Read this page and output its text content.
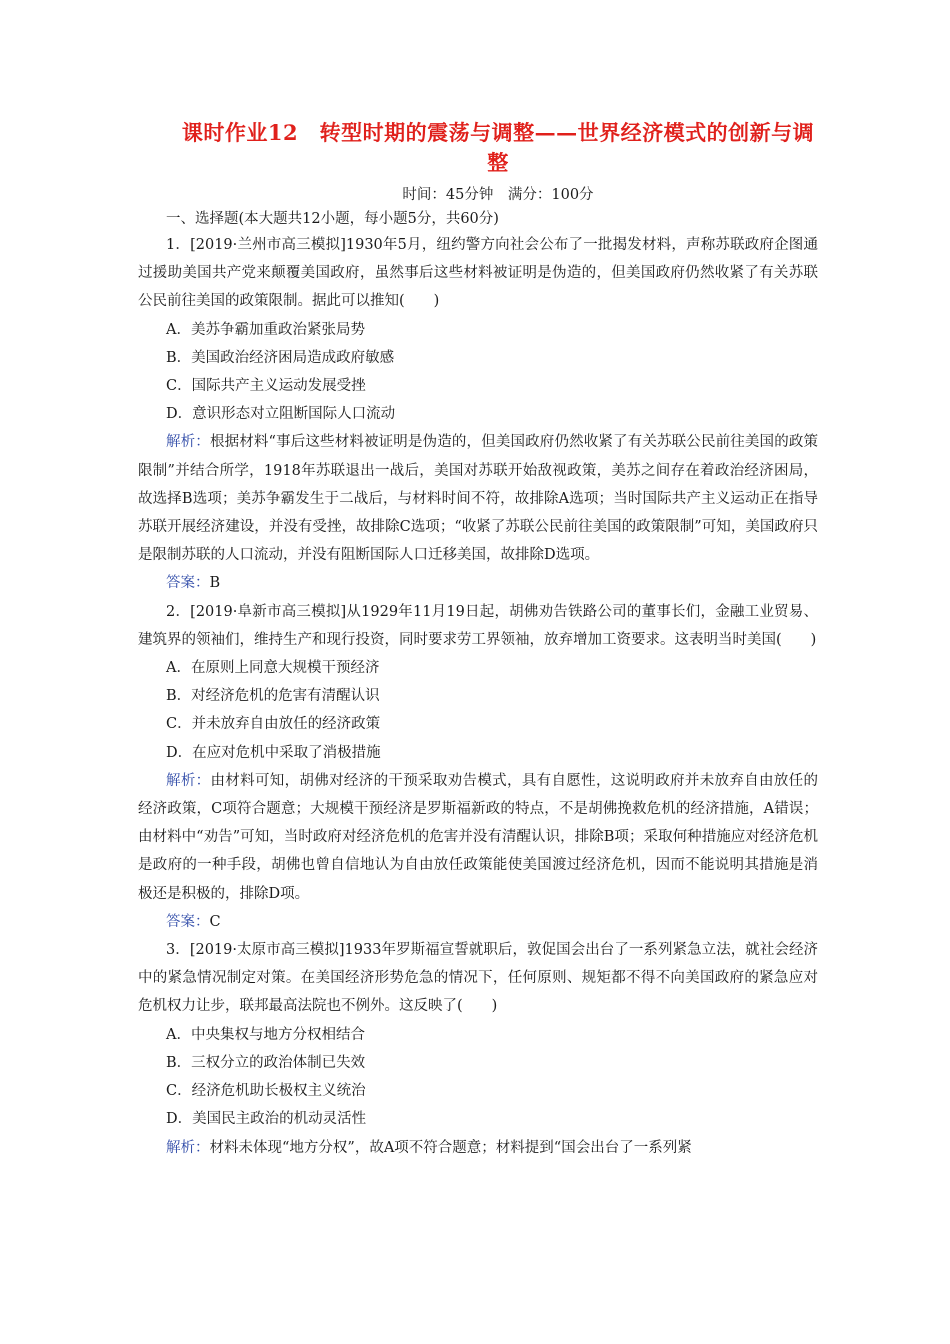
课时作业12　转型时期的震荡与调整——世界经济模式的创新与调整
时间：45分钟　满分：100分
一、选择题(本大题共12小题，每小题5分，共60分)

1．[2019·兰州市高三模拟]1930年5月，纽约警方向社会公布了一批揭发材料，声称苏联政府企图通过援助美国共产党来颠覆美国政府，虽然事后这些材料被证明是伪造的，但美国政府仍然收紧了有关苏联公民前往美国的政策限制。据此可以推知(　　)

A．美苏争霸加重政治紧张局势

B．美国政治经济困局造成政府敏感

C．国际共产主义运动发展受挫

D．意识形态对立阻断国际人口流动

解析：根据材料“事后这些材料被证明是伪造的，但美国政府仍然收紧了有关苏联公民前往美国的政策限制”并结合所学，1918年苏联退出一战后，美国对苏联开始敌视政策，美苏之间存在着政治经济困局，故选择B选项；美苏争霸发生于二战后，与材料时间不符，故排除A选项；当时国际共产主义运动正在指导苏联开展经济建设，并没有受挫，故排除C选项；“收紧了苏联公民前往美国的政策限制”可知，美国政府只是限制苏联的人口流动，并没有阻断国际人口迁移美国，故排除D选项。

答案：B

2．[2019·阜新市高三模拟]从1929年11月19日起，胡佛劝告铁路公司的董事长们，金融工业贸易、建筑界的领袖们，维持生产和现行投资，同时要求劳工界领袖，放弃增加工资要求。这表明当时美国(　　)

A．在原则上同意大规模干预经济

B．对经济危机的危害有清醒认识

C．并未放弃自由放任的经济政策

D．在应对危机中采取了消极措施

解析：由材料可知，胡佛对经济的干预采取劝告模式，具有自愿性，这说明政府并未放弃自由放任的经济政策，C项符合题意；大规模干预经济是罗斯福新政的特点，不是胡佛挽救危机的经济措施，A错误；由材料中“劝告”可知，当时政府对经济危机的危害并没有清醒认识，排除B项；采取何种措施应对经济危机是政府的一种手段，胡佛也曾自信地认为自由放任政策能使美国渡过经济危机，因而不能说明其措施是消极还是积极的，排除D项。

答案：C

3．[2019·太原市高三模拟]1933年罗斯福宣誓就职后，敦促国会出台了一系列紧急立法，就社会经济中的紧急情况制定对策。在美国经济形势危急的情况下，任何原则、规矩都不得不向美国政府的紧急应对危机权力让步，联邦最高法院也不例外。这反映了(　　)

A．中央集权与地方分权相结合

B．三权分立的政治体制已失效

C．经济危机助长极权主义统治

D．美国民主政治的机动灵活性

解析：材料未体现“地方分权”，故A项不符合题意；材料提到“国会出台了一系列紧
